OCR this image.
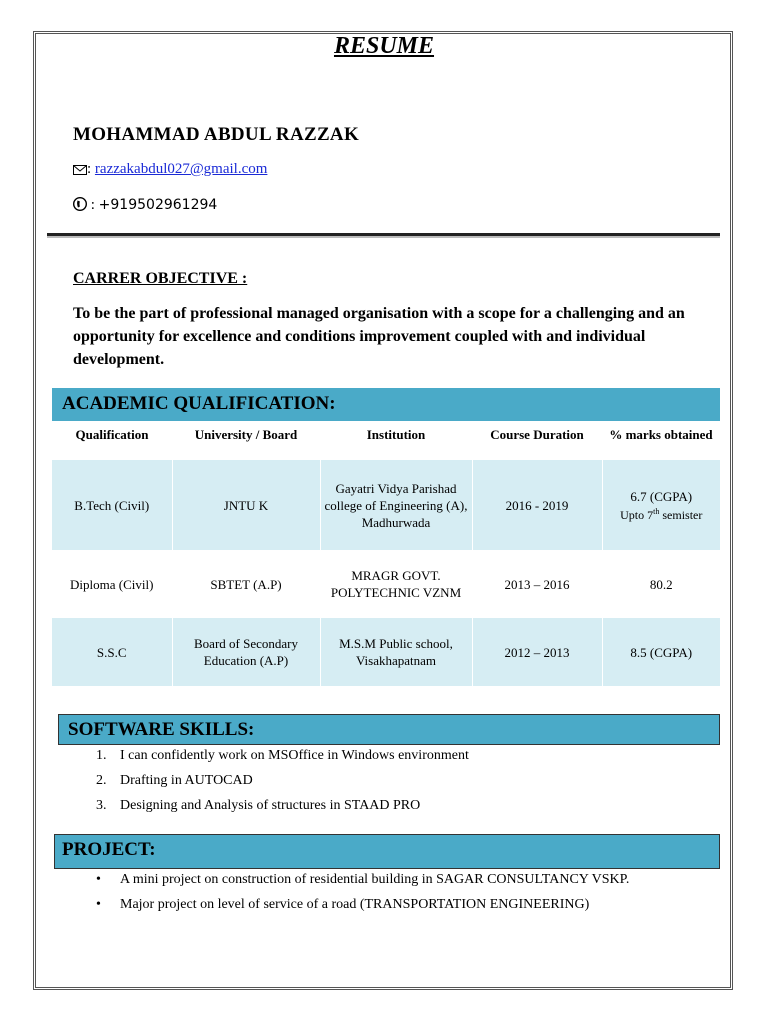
RESUME
MOHAMMAD ABDUL RAZZAK
: razzakabdul027@gmail.com
: +919502961294
CARRER OBJECTIVE :
To be the part of professional managed organisation with a scope for a challenging and an opportunity for excellence and conditions improvement coupled with and individual development.
ACADEMIC QUALIFICATION:
Qualification	University / Board	Institution	Course Duration	% marks obtained
B.Tech (Civil)	JNTU K	Gayatri Vidya Parishad college of Engineering (A), Madhurwada	2016 - 2019	6.7 (CGPA)
Upto 7th semister

Diploma (Civil)	SBTET (A.P)	MRAGR GOVT. POLYTECHNIC VZNM	2013 – 2016	80.2
S.S.C	Board of Secondary Education (A.P)	M.S.M Public school, Visakhapatnam	2012 – 2013	8.5 (CGPA)
SOFTWARE SKILLS:
1. I can confidently work on MSOffice in Windows environment
2. Drafting in AUTOCAD
3. Designing and Analysis of structures in STAAD PRO
PROJECT:
• A mini project on construction of residential building in SAGAR CONSULTANCY VSKP.
• Major project on level of service of a road (TRANSPORTATION ENGINEERING)
